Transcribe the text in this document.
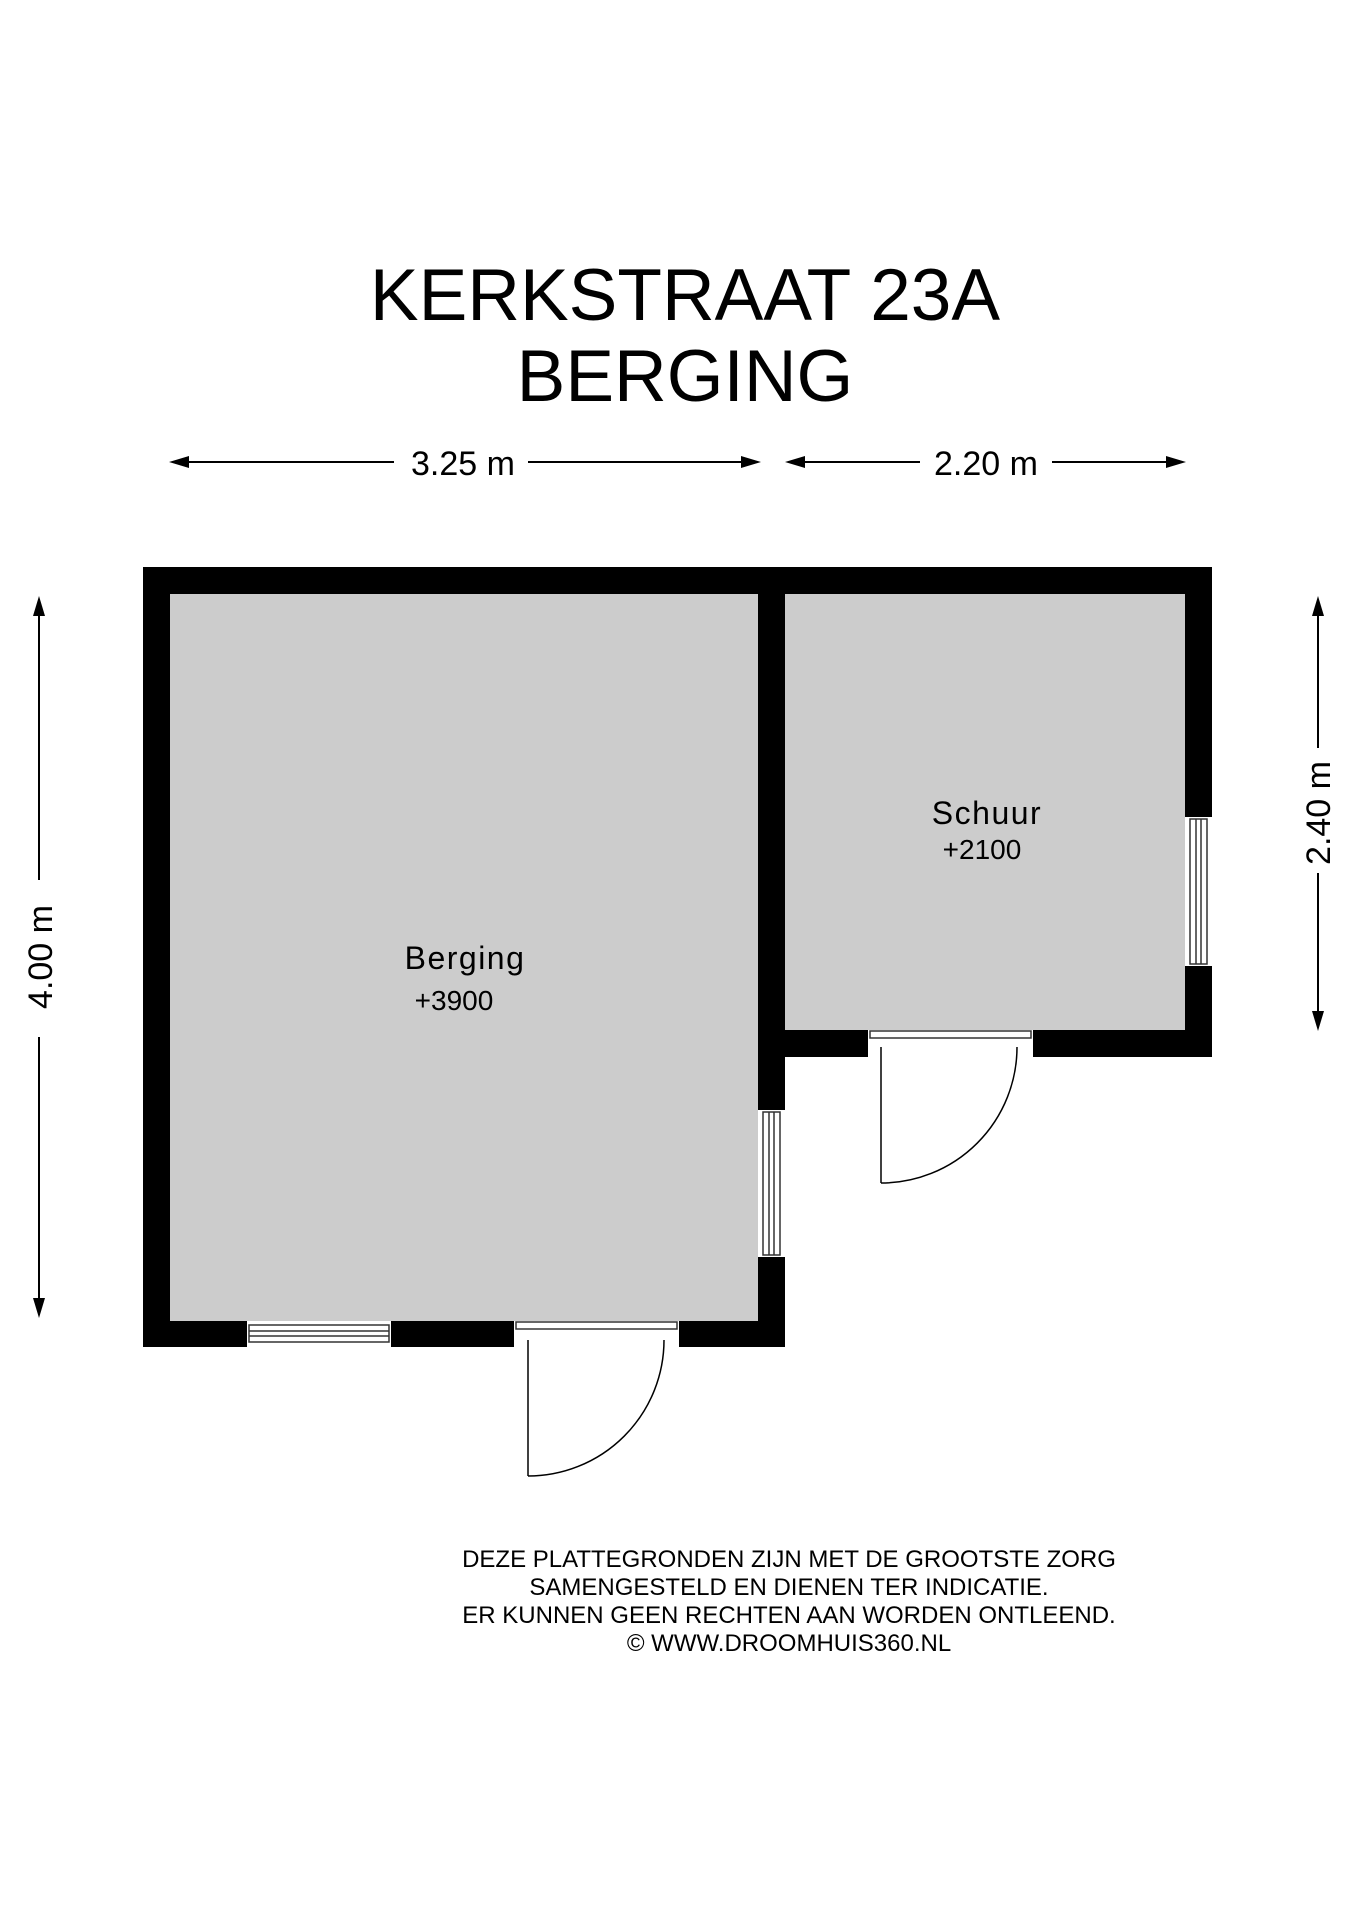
KERKSTRAAT 23A
BERGING
3.25 m	2.20 m
4.00 m
2.40 m
Berging
+3900
Schuur
+2100
DEZE PLATTEGRONDEN ZIJN MET DE GROOTSTE ZORG
SAMENGESTELD EN DIENEN TER INDICATIE.
ER KUNNEN GEEN RECHTEN AAN WORDEN ONTLEEND.
© WWW.DROOMHUIS360.NL
